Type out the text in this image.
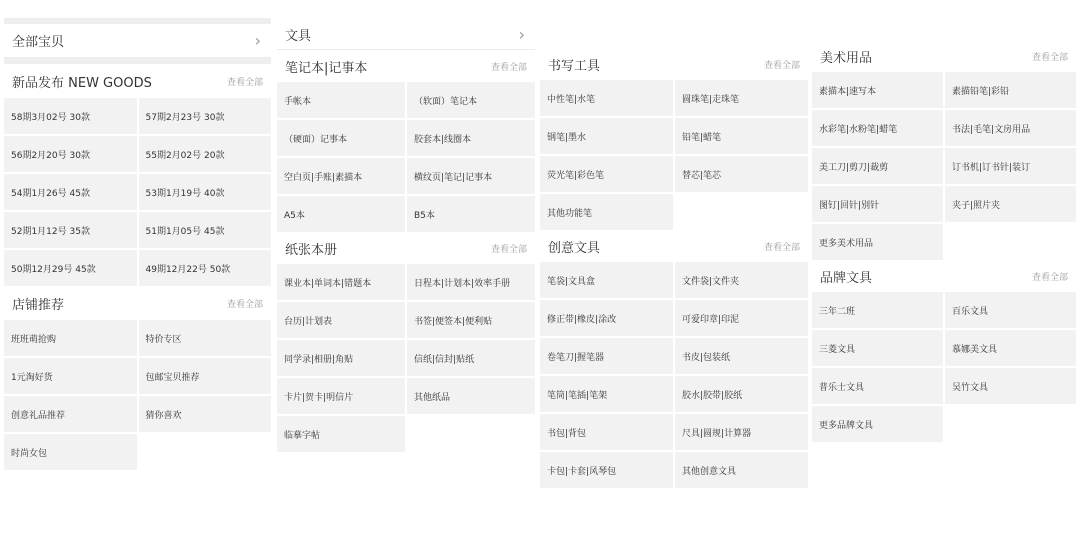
全部宝贝	›
新品发布 NEW GOODS	查看全部
58期3月02号 30款	57期2月23号 30款
56期2月20号 30款	55期2月02号 20款
54期1月26号 45款	53期1月19号 40款
52期1月12号 35款	51期1月05号 45款
50期12月29号 45款	49期12月22号 50款
店铺推荐	查看全部
班班萌抢购	特价专区
1元淘好货	包邮宝贝推荐
创意礼品推荐	猜你喜欢
时尚女包
文具	›
笔记本|记事本	查看全部
手帐本	（软面）笔记本
（硬面）记事本	胶套本|线圈本
空白页|手账|素描本	横纹页|笔记|记事本
A5本	B5本
纸张本册	查看全部
课业本|单词本|错题本	日程本|计划本|效率手册
台历|计划表	书签|便签本|便利贴
同学录|相册|角贴	信纸|信封|贴纸
卡片|贺卡|明信片	其他纸品
临摹字帖
书写工具	查看全部
中性笔|水笔	圆珠笔|走珠笔
钢笔|墨水	铅笔|蜡笔
荧光笔|彩色笔	替芯|笔芯
其他功能笔
创意文具	查看全部
笔袋|文具盒	文件袋|文件夹
修正带|橡皮|涂改	可爱印章|印泥
卷笔刀|握笔器	书皮|包装纸
笔筒|笔插|笔架	胶水|胶带|胶纸
书包|背包	尺具|圆规|计算器
卡包|卡套|风琴包	其他创意文具
美术用品	查看全部
素描本|速写本	素描铅笔|彩铅
水彩笔|水粉笔|蜡笔	书法|毛笔|文房用品
美工刀|剪刀|裁剪	订书机|订书针|装订
图钉|回针|别针	夹子|照片夹
更多美术用品
品牌文具	查看全部
三年二班	百乐文具
三菱文具	慕娜美文具
普乐士文具	吴竹文具
更多品牌文具
